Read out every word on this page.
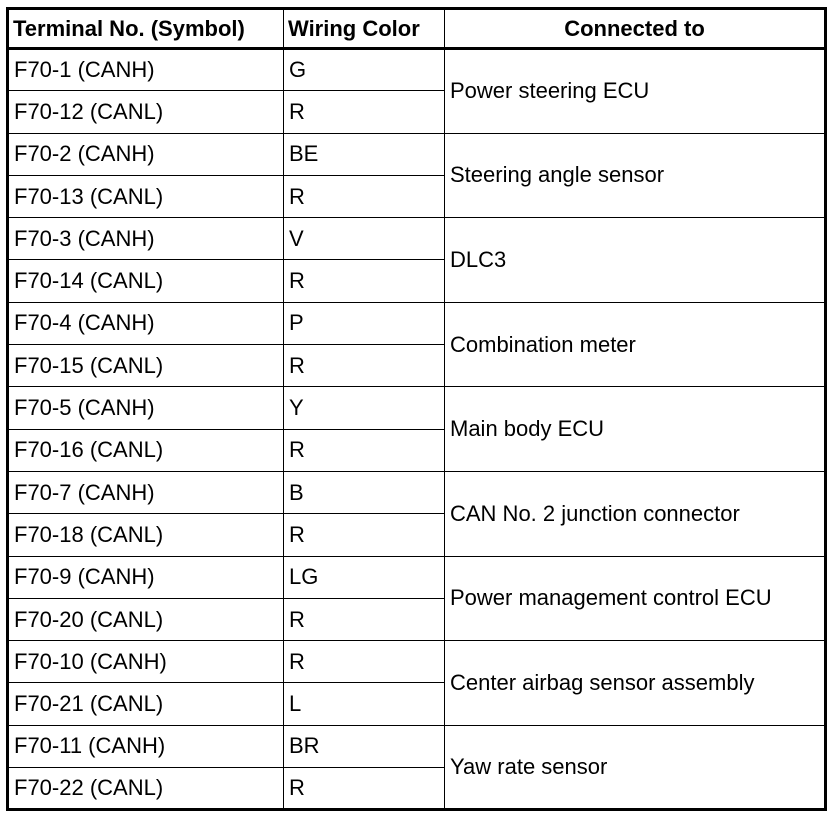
Terminal No. (Symbol)	Wiring Color	Connected to
F70-1 (CANH)	G	Power steering ECU
F70-12 (CANL)	R	
F70-2 (CANH)	BE	Steering angle sensor
F70-13 (CANL)	R	
F70-3 (CANH)	V	DLC3
F70-14 (CANL)	R	
F70-4 (CANH)	P	Combination meter
F70-15 (CANL)	R	
F70-5 (CANH)	Y	Main body ECU
F70-16 (CANL)	R	
F70-7 (CANH)	B	CAN No. 2 junction connector
F70-18 (CANL)	R	
F70-9 (CANH)	LG	Power management control ECU
F70-20 (CANL)	R	
F70-10 (CANH)	R	Center airbag sensor assembly
F70-21 (CANL)	L	
F70-11 (CANH)	BR	Yaw rate sensor
F70-22 (CANL)	R	
